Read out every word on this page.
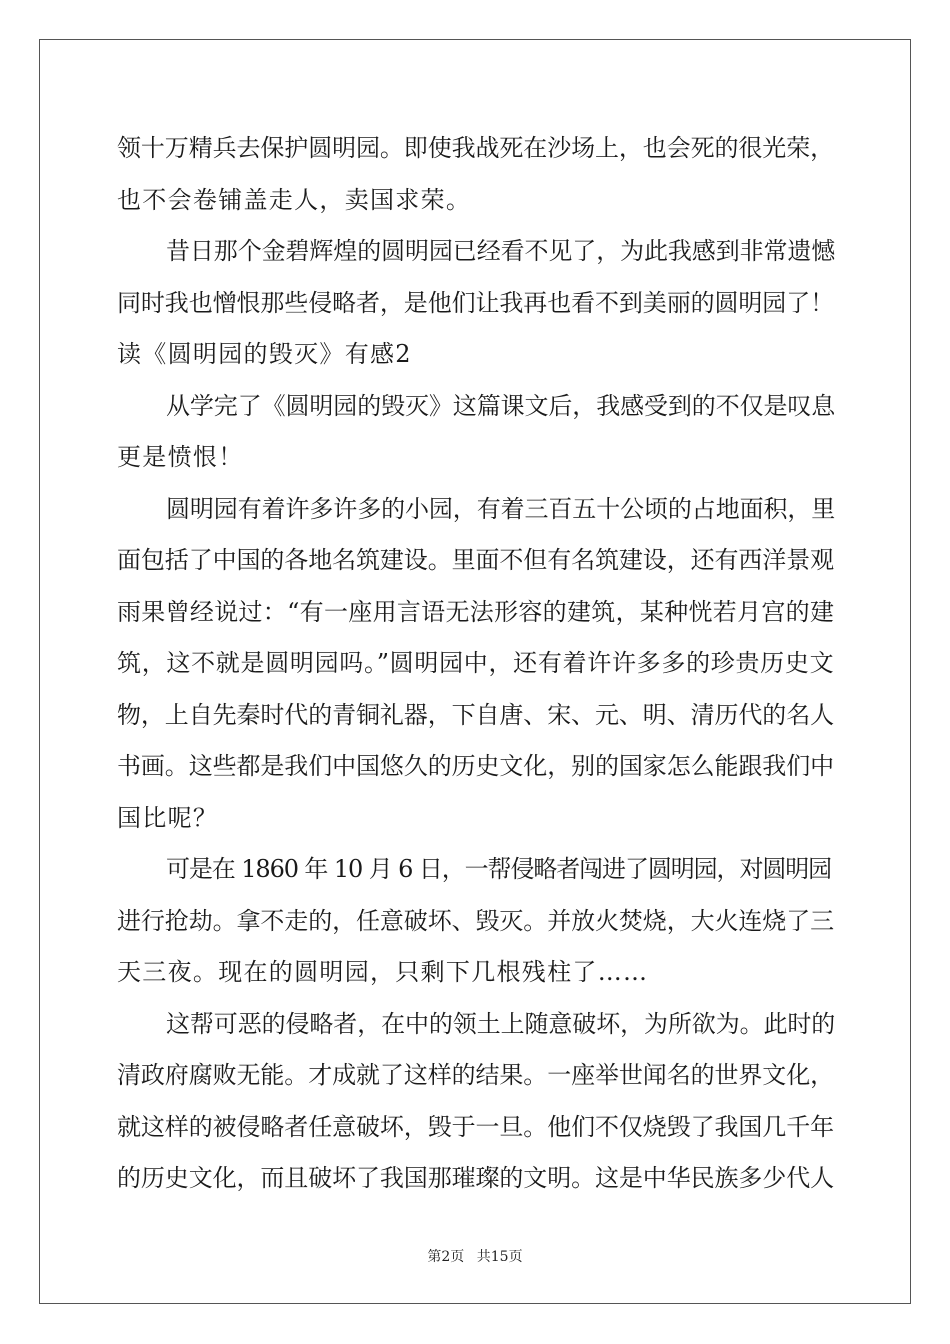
领十万精兵去保护圆明园。即使我战死在沙场上，也会死的很光荣，
也不会卷铺盖走人，卖国求荣。
昔日那个金碧辉煌的圆明园已经看不见了，为此我感到非常遗憾
同时我也憎恨那些侵略者，是他们让我再也看不到美丽的圆明园了！
读《圆明园的毁灭》有感2
从学完了《圆明园的毁灭》这篇课文后，我感受到的不仅是叹息
更是愤恨！
圆明园有着许多许多的小园，有着三百五十公顷的占地面积，里
面包括了中国的各地名筑建设。里面不但有名筑建设，还有西洋景观
雨果曾经说过：“有一座用言语无法形容的建筑，某种恍若月宫的建
筑，这不就是圆明园吗。”圆明园中，还有着许许多多的珍贵历史文
物，上自先秦时代的青铜礼器，下自唐、宋、元、明、清历代的名人
书画。这些都是我们中国悠久的历史文化，别的国家怎么能跟我们中
国比呢？
可是在 1860 年 10 月 6 日，一帮侵略者闯进了圆明园，对圆明园
进行抢劫。拿不走的，任意破坏、毁灭。并放火焚烧，大火连烧了三
天三夜。现在的圆明园，只剩下几根残柱了……
这帮可恶的侵略者，在中的领土上随意破坏，为所欲为。此时的
清政府腐败无能。才成就了这样的结果。一座举世闻名的世界文化，
就这样的被侵略者任意破坏，毁于一旦。他们不仅烧毁了我国几千年
的历史文化，而且破坏了我国那璀璨的文明。这是中华民族多少代人
第2页 共15页
